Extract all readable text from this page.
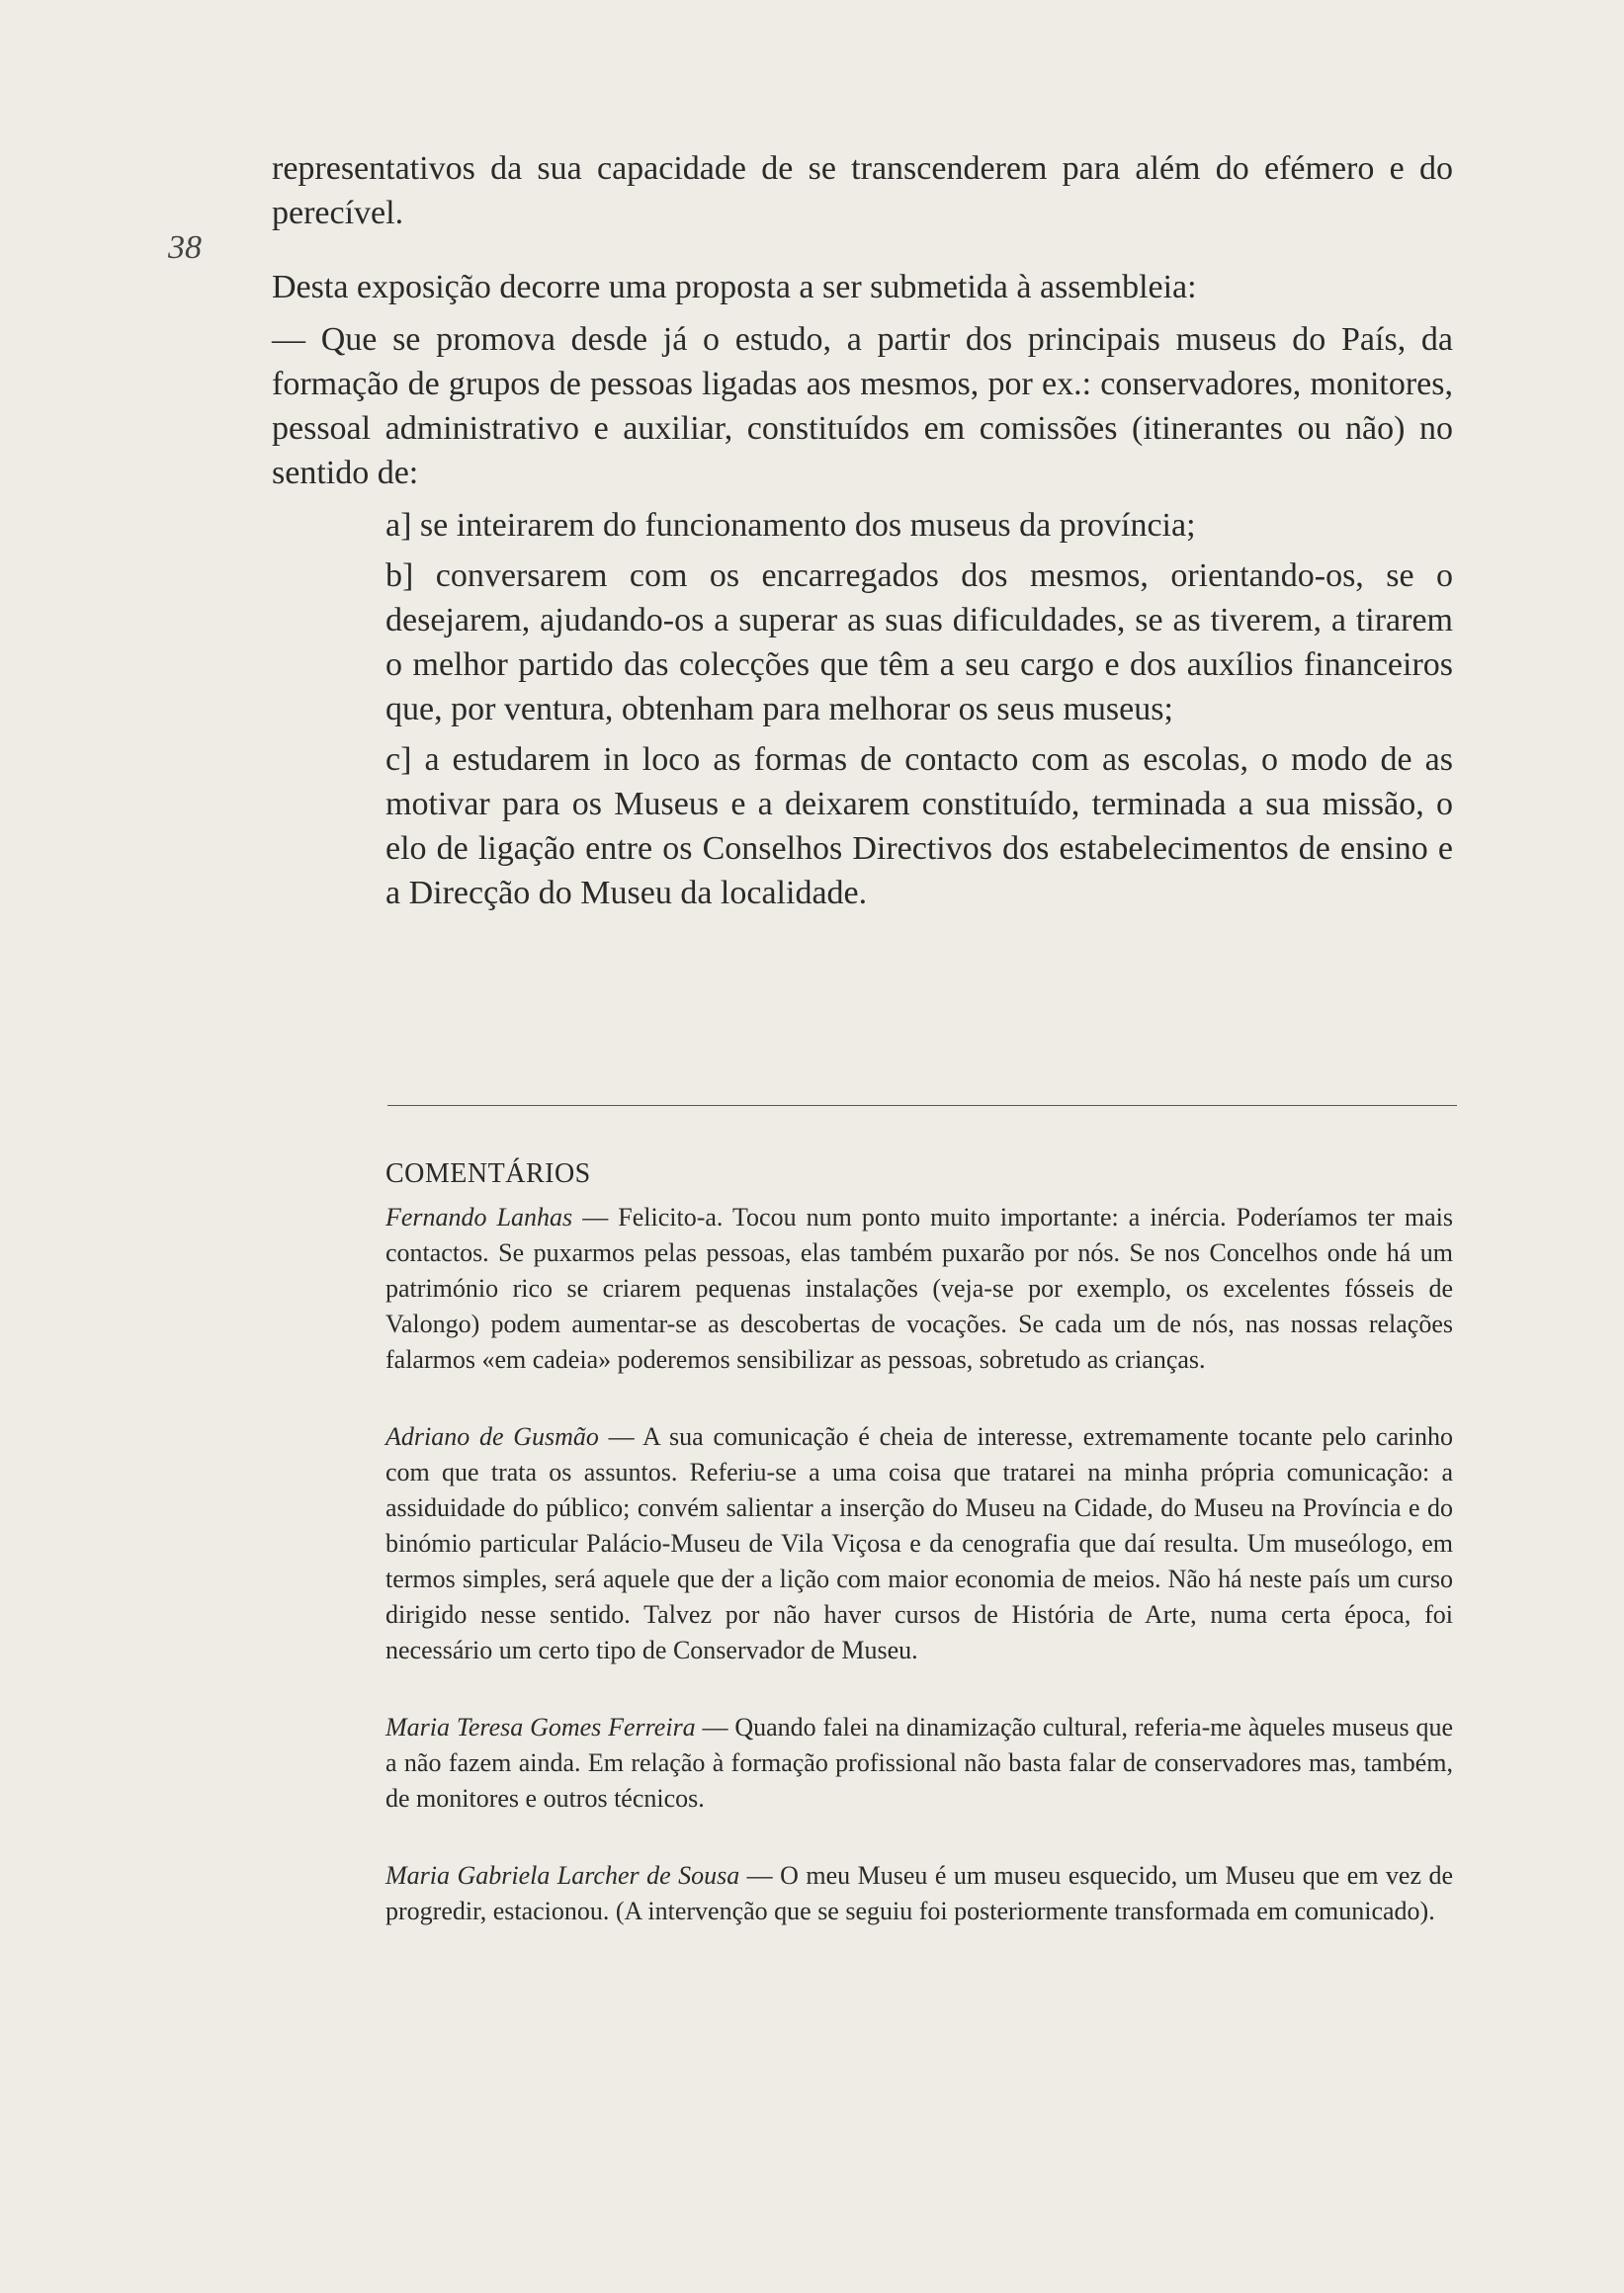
38

representativos da sua capacidade de se transcenderem para além do efémero e do perecível.

Desta exposição decorre uma proposta a ser submetida à assembleia:

— Que se promova desde já o estudo, a partir dos principais museus do País, da formação de grupos de pessoas ligadas aos mesmos, por ex.: conservadores, monitores, pessoal administrativo e auxiliar, constituídos em comissões (itinerantes ou não) no sentido de:

a] se inteirarem do funcionamento dos museus da província;

b] conversarem com os encarregados dos mesmos, orientando-os, se o desejarem, ajudando-os a superar as suas dificuldades, se as tiverem, a tirarem o melhor partido das colecções que têm a seu cargo e dos auxílios financeiros que, por ventura, obtenham para melhorar os seus museus;

c] a estudarem in loco as formas de contacto com as escolas, o modo de as motivar para os Museus e a deixarem constituído, terminada a sua missão, o elo de ligação entre os Conselhos Directivos dos estabelecimentos de ensino e a Direcção do Museu da localidade.

COMENTÁRIOS

Fernando Lanhas — Felicito-a. Tocou num ponto muito importante: a inércia. Poderíamos ter mais contactos. Se puxarmos pelas pessoas, elas também puxarão por nós. Se nos Concelhos onde há um património rico se criarem pequenas instalações (veja-se por exemplo, os excelentes fósseis de Valongo) podem aumentar-se as descobertas de vocações. Se cada um de nós, nas nossas relações falarmos «em cadeia» poderemos sensibilizar as pessoas, sobretudo as crianças.

Adriano de Gusmão — A sua comunicação é cheia de interesse, extremamente tocante pelo carinho com que trata os assuntos. Referiu-se a uma coisa que tratarei na minha própria comunicação: a assiduidade do público; convém salientar a inserção do Museu na Cidade, do Museu na Província e do binómio particular Palácio-Museu de Vila Viçosa e da cenografia que daí resulta. Um museólogo, em termos simples, será aquele que der a lição com maior economia de meios. Não há neste país um curso dirigido nesse sentido. Talvez por não haver cursos de História de Arte, numa certa época, foi necessário um certo tipo de Conservador de Museu.

Maria Teresa Gomes Ferreira — Quando falei na dinamização cultural, referia-me àqueles museus que a não fazem ainda. Em relação à formação profissional não basta falar de conservadores mas, também, de monitores e outros técnicos.

Maria Gabriela Larcher de Sousa — O meu Museu é um museu esquecido, um Museu que em vez de progredir, estacionou. (A intervenção que se seguiu foi posteriormente transformada em comunicado).
